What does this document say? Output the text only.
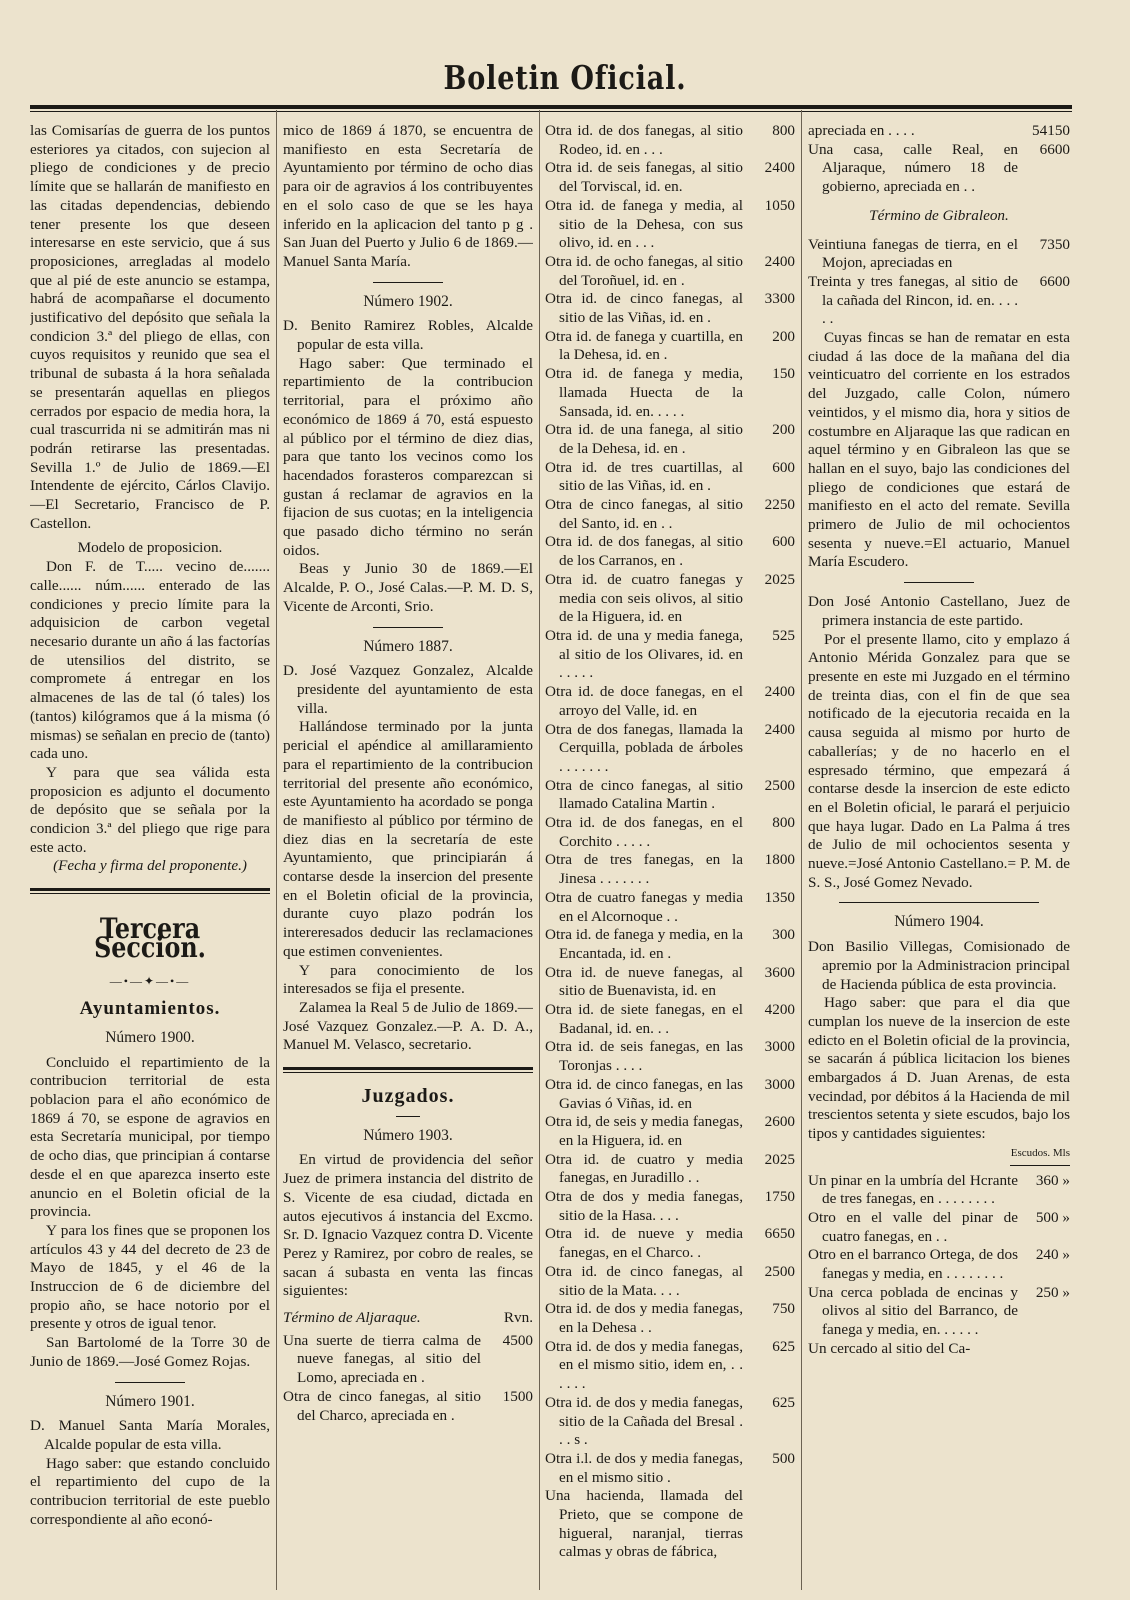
Boletin Oficial.

las Comisarías de guerra de los puntos esteriores ya citados, con sujecion al pliego de condiciones y de precio límite que se hallarán de manifiesto en las citadas dependencias, debiendo tener presente los que deseen interesarse en este servicio, que á sus proposiciones, arregladas al modelo que al pié de este anuncio se estampa, habrá de acompañarse el documento justificativo del depósito que señala la condicion 3.ª del pliego de ellas, con cuyos requisitos y reunido que sea el tribunal de subasta á la hora señalada se presentarán aquellas en pliegos cerrados por espacio de media hora, la cual trascurrida ni se admitirán mas ni podrán retirarse las presentadas. Sevilla 1.º de Julio de 1869.—El Intendente de ejército, Cárlos Clavijo.—El Secretario, Francisco de P. Castellon.

Modelo de proposicion.

Don F. de T..... vecino de....... calle...... núm...... enterado de las condiciones y precio límite para la adquisicion de carbon vegetal necesario durante un año á las factorías de utensilios del distrito, se compromete á entregar en los almacenes de las de tal (ó tales) los (tantos) kilógramos que á la misma (ó mismas) se señalan en precio de (tanto) cada uno.

Y para que sea válida esta proposicion es adjunto el documento de depósito que se señala por la condicion 3.ª del pliego que rige para este acto.

(Fecha y firma del proponente.)

Tercera Seccion.
—•—✦—•—
Ayuntamientos.

Número 1900.

Concluido el repartimiento de la contribucion territorial de esta poblacion para el año económico de 1869 á 70, se espone de agravios en esta Secretaría municipal, por tiempo de ocho dias, que principian á contarse desde el en que aparezca inserto este anuncio en el Boletin oficial de la provincia.

Y para los fines que se proponen los artículos 43 y 44 del decreto de 23 de Mayo de 1845, y el 46 de la Instruccion de 6 de diciembre del propio año, se hace notorio por el presente y otros de igual tenor.

San Bartolomé de la Torre 30 de Junio de 1869.—José Gomez Rojas.

Número 1901.

D. Manuel Santa María Morales, Alcalde popular de esta villa.

Hago saber: que estando concluido el repartimiento del cupo de la contribucion territorial de este pueblo correspondiente al año econó-

mico de 1869 á 1870, se encuentra de manifiesto en esta Secretaría de Ayuntamiento por término de ocho dias para oir de agravios á los contribuyentes en el solo caso de que se les haya inferido en la aplicacion del tanto p g . San Juan del Puerto y Julio 6 de 1869.—Manuel Santa María.

Número 1902.

D. Benito Ramirez Robles, Alcalde popular de esta villa.

Hago saber: Que terminado el repartimiento de la contribucion territorial, para el próximo año económico de 1869 á 70, está espuesto al público por el término de diez dias, para que tanto los vecinos como los hacendados forasteros comparezcan si gustan á reclamar de agravios en la fijacion de sus cuotas; en la inteligencia que pasado dicho término no serán oidos.

Beas y Junio 30 de 1869.—El Alcalde, P. O., José Calas.—P. M. D. S, Vicente de Arconti, Srio.

Número 1887.

D. José Vazquez Gonzalez, Alcalde presidente del ayuntamiento de esta villa.

Hallándose terminado por la junta pericial el apéndice al amillaramiento para el repartimiento de la contribucion territorial del presente año económico, este Ayuntamiento ha acordado se ponga de manifiesto al público por término de diez dias en la secretaría de este Ayuntamiento, que principiarán á contarse desde la insercion del presente en el Boletin oficial de la provincia, durante cuyo plazo podrán los intereresados deducir las reclamaciones que estimen convenientes.

Y para conocimiento de los interesados se fija el presente.

Zalamea la Real 5 de Julio de 1869.—José Vazquez Gonzalez.—P. A. D. A., Manuel M. Velasco, secretario.

Juzgados.

Número 1903.

En virtud de providencia del señor Juez de primera instancia del distrito de S. Vicente de esa ciudad, dictada en autos ejecutivos á instancia del Excmo. Sr. D. Ignacio Vazquez contra D. Vicente Perez y Ramirez, por cobro de reales, se sacan á subasta en venta las fincas siguientes:

Término de Aljaraque.	Rvn.
Una suerte de tierra calma de nueve fanegas, al sitio del Lomo, apreciada en .
4500
Otra de cinco fanegas, al sitio del Charco, apreciada en .
1500
Otra id. de dos fanegas, al sitio Rodeo, id. en . . .
800
Otra id. de seis fanegas, al sitio del Torviscal, id. en.
2400
Otra id. de fanega y media, al sitio de la Dehesa, con sus olivo, id. en . . .
1050
Otra id. de ocho fanegas, al sitio del Toroñuel, id. en .
2400
Otra id. de cinco fanegas, al sitio de las Viñas, id. en .
3300
Otra id. de fanega y cuartilla, en la Dehesa, id. en .
200
Otra id. de fanega y media, llamada Huecta de la Sansada, id. en. . . . .
150
Otra id. de una fanega, al sitio de la Dehesa, id. en .
200
Otra id. de tres cuartillas, al sitio de las Viñas, id. en .
600
Otra de cinco fanegas, al sitio del Santo, id. en . .
2250
Otra id. de dos fanegas, al sitio de los Carranos, en .
600
Otra id. de cuatro fanegas y media con seis olivos, al sitio de la Higuera, id. en
2025
Otra id. de una y media fanega, al sitio de los Olivares, id. en . . . . .
525
Otra id. de doce fanegas, en el arroyo del Valle, id. en
2400
Otra de dos fanegas, llamada la Cerquilla, poblada de árboles . . . . . . .
2400
Otra de cinco fanegas, al sitio llamado Catalina Martin .
2500
Otra id. de dos fanegas, en el Corchito . . . . .
800
Otra de tres fanegas, en la Jinesa . . . . . . .
1800
Otra de cuatro fanegas y media en el Alcornoque . .
1350
Otra id. de fanega y media, en la Encantada, id. en .
300
Otra id. de nueve fanegas, al sitio de Buenavista, id. en
3600
Otra id. de siete fanegas, en el Badanal, id. en. . .
4200
Otra id. de seis fanegas, en las Toronjas . . . .
3000
Otra id. de cinco fanegas, en las Gavias ó Viñas, id. en
3000
Otra id, de seis y media fanegas, en la Higuera, id. en
2600
Otra id. de cuatro y media fanegas, en Juradillo . .
2025
Otra de dos y media fanegas, sitio de la Hasa. . . .
1750
Otra id. de nueve y media fanegas, en el Charco. .
6650
Otra id. de cinco fanegas, al sitio de la Mata. . . .
2500
Otra id. de dos y media fanegas, en la Dehesa . .
750
Otra id. de dos y media fanegas, en el mismo sitio, idem en, . . . . . .
625
Otra id. de dos y media fanegas, sitio de la Cañada del Bresal . . . s .
625
Otra i.l. de dos y media fanegas, en el mismo sitio .
500
Una hacienda, llamada del Prieto, que se compone de higueral, naranjal, tierras calmas y obras de fábrica,
apreciada en . . . .	54150
Una casa, calle Real, en Aljaraque, número 18 de gobierno, apreciada en . .
6600

Término de Gibraleon.

Veintiuna fanegas de tierra, en el Mojon, apreciadas en
7350
Treinta y tres fanegas, al sitio de la cañada del Rincon, id. en. . . . . .
6600

Cuyas fincas se han de rematar en esta ciudad á las doce de la mañana del dia veinticuatro del corriente en los estrados del Juzgado, calle Colon, número veintidos, y el mismo dia, hora y sitios de costumbre en Aljaraque las que radican en aquel término y en Gibraleon las que se hallan en el suyo, bajo las condiciones del pliego de condiciones que estará de manifiesto en el acto del remate. Sevilla primero de Julio de mil ochocientos sesenta y nueve.=El actuario, Manuel María Escudero.

Don José Antonio Castellano, Juez de primera instancia de este partido.

Por el presente llamo, cito y emplazo á Antonio Mérida Gonzalez para que se presente en este mi Juzgado en el término de treinta dias, con el fin de que sea notificado de la ejecutoria recaida en la causa seguida al mismo por hurto de caballerías; y de no hacerlo en el espresado término, que empezará á contarse desde la insercion de este edicto en el Boletin oficial, le parará el perjuicio que haya lugar. Dado en La Palma á tres de Julio de mil ochocientos sesenta y nueve.=José Antonio Castellano.= P. M. de S. S., José Gomez Nevado.

Número 1904.

Don Basilio Villegas, Comisionado de apremio por la Administracion principal de Hacienda pública de esta provincia.

Hago saber: que para el dia que cumplan los nueve de la insercion de este edicto en el Boletin oficial de la provincia, se sacarán á pública licitacion los bienes embargados á D. Juan Arenas, de esta vecindad, por débitos á la Hacienda de mil trescientos setenta y siete escudos, bajo los tipos y cantidades siguientes:

Escudos. Mls
Un pinar en la umbría del Hcrante de tres fanegas, en . . . . . . . .
360 »
Otro en el valle del pinar de cuatro fanegas, en . .
500 »
Otro en el barranco Ortega, de dos fanegas y media, en . . . . . . . .
240 »
Una cerca poblada de encinas y olivos al sitio del Barranco, de fanega y media, en. . . . . .
250 »
Un cercado al sitio del Ca-
